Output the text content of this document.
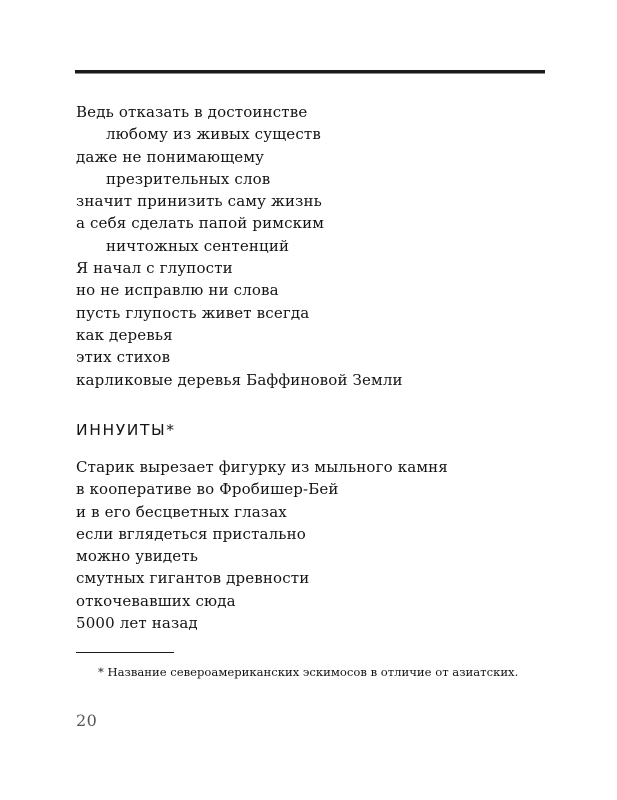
Ведь отказать в достоинстве
любому из живых существ
даже не понимающему
презрительных слов
значит принизить саму жизнь
а себя сделать папой римским
ничтожных сентенций
Я начал с глупости
но не исправлю ни слова
пусть глупость живет всегда
как деревья
этих стихов
карликовые деревья Баффиновой Земли
ИННУИТЫ*
Старик вырезает фигурку из мыльного камня
в кооперативе во Фробишер-Бей
и в его бесцветных глазах
если вглядеться пристально
можно увидеть
смутных гигантов древности
откочевавших сюда
5000 лет назад

* Название североамериканских эскимосов в отличие от азиатских.

20
